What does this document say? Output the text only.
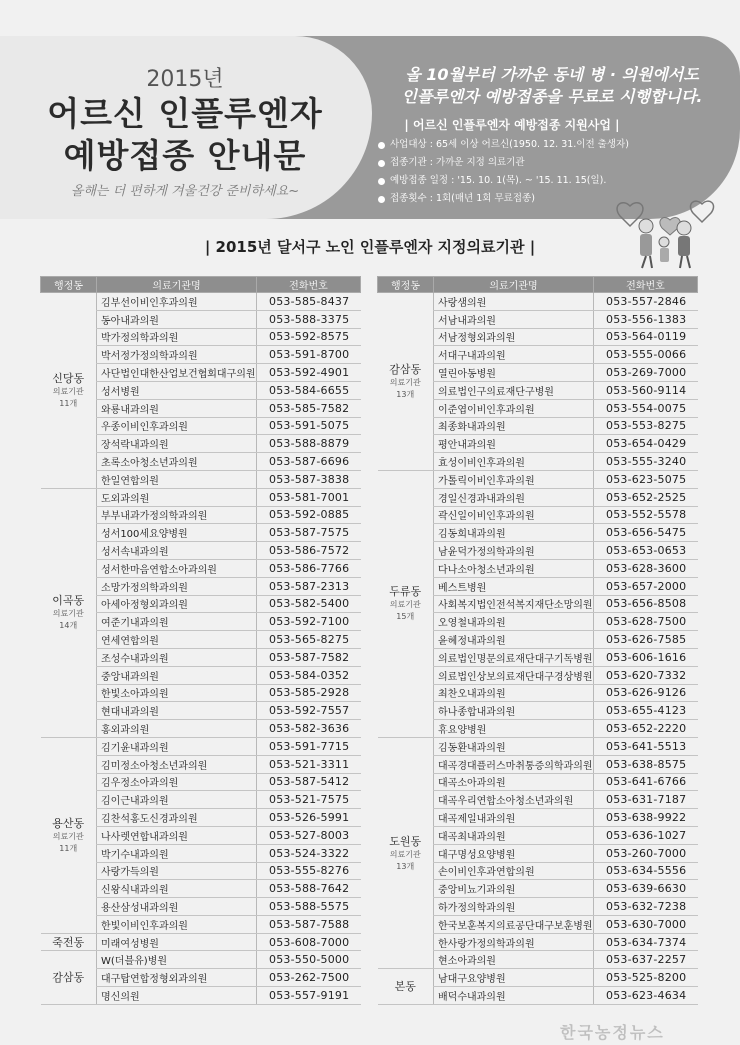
2015년
어르신 인플루엔자
예방접종 안내문
올해는 더 편하게 겨울건강 준비하세요~
올 10월부터 가까운 동네 병 · 의원에서도
인플루엔자 예방접종을 무료로 시행합니다.
| 어르신 인플루엔자 예방접종 지원사업 |
사업대상 : 65세 이상 어르신(1950. 12. 31.이전 출생자)
접종기관 : 가까운 지정 의료기관
예방접종 일정 : '15. 10. 1(목). ~ '15. 11. 15(일).
접종횟수 : 1회(매년 1회 무료접종)
| 2015년 달서구 노인 인플루엔자 지정의료기관 |
행정동	의료기관명	전화번호

신당동
의료기관
11개	김부선이비인후과의원	053-585-8437
	동아내과의원	053-588-3375
	박가정의학과의원	053-592-8575
	박서정가정의학과의원	053-591-8700
	사단법인대한산업보건협회대구의원	053-592-4901
	성서병원	053-584-6655
	와룡내과의원	053-585-7582
	우종이비인후과의원	053-591-5075
	장석락내과의원	053-588-8879
	초록소아청소년과의원	053-587-6696
	한일연합의원	053-587-3838

이곡동
의료기관
14개	도외과의원	053-581-7001
	부부내과가정의학과의원	053-592-0885
	성서100세요양병원	053-587-7575
	성서속내과의원	053-586-7572
	성서한마음연합소아과의원	053-586-7766
	소망가정의학과의원	053-587-2313
	아세아정형외과의원	053-582-5400
	여준기내과의원	053-592-7100
	연세연합의원	053-565-8275
	조성수내과의원	053-587-7582
	중앙내과의원	053-584-0352
	한빛소아과의원	053-585-2928
	현대내과의원	053-592-7557
	홍외과의원	053-582-3636

용산동
의료기관
11개	김기윤내과의원	053-591-7715
	김미정소아청소년과의원	053-521-3311
	김우정소아과의원	053-587-5412
	김이근내과의원	053-521-7575
	김찬석홍도신경과의원	053-526-5991
	나사렛연합내과의원	053-527-8003
	박기수내과의원	053-524-3322
	사랑가득의원	053-555-8276
	신왕식내과의원	053-588-7642
	용산삼성내과의원	053-588-5575
	한빛이비인후과의원	053-587-7588

죽전동	미래여성병원	053-608-7000

감삼동	W(더블유)병원	053-550-5000
	대구탑연합정형외과의원	053-262-7500
	명신의원	053-557-9191
행정동	의료기관명	전화번호

감삼동
의료기관
13개	사랑샘의원	053-557-2846
	서남내과의원	053-556-1383
	서남정형외과의원	053-564-0119
	서대구내과의원	053-555-0066
	열린아동병원	053-269-7000
	의료법인구의료재단구병원	053-560-9114
	이준엽이비인후과의원	053-554-0075
	최종화내과의원	053-553-8275
	평안내과의원	053-654-0429
	효성이비인후과의원	053-555-3240

두류동
의료기관
15개	가톨릭이비인후과의원	053-623-5075
	경일신경과내과의원	053-652-2525
	곽신일이비인후과의원	053-552-5578
	김동희내과의원	053-656-5475
	남윤덕가정의학과의원	053-653-0653
	다나소아청소년과의원	053-628-3600
	베스트병원	053-657-2000
	사회복지법인전석복지재단소망의원	053-656-8508
	오영철내과의원	053-628-7500
	윤혜정내과의원	053-626-7585
	의료법인명문의료재단대구기독병원	053-606-1616
	의료법인상보의료재단대구경상병원	053-620-7332
	최찬오내과의원	053-626-9126
	하나종합내과의원	053-655-4123
	휴요양병원	053-652-2220

도원동
의료기관
13개	김동환내과의원	053-641-5513
	대곡경대플러스마취통증의학과의원	053-638-8575
	대곡소아과의원	053-641-6766
	대곡우리연합소아청소년과의원	053-631-7187
	대곡제일내과의원	053-638-9922
	대곡최내과의원	053-636-1027
	대구명성요양병원	053-260-7000
	손이비인후과연합의원	053-634-5556
	중앙비뇨기과의원	053-639-6630
	하가정의학과의원	053-632-7238
	한국보훈복지의료공단대구보훈병원	053-630-7000
	한사랑가정의학과의원	053-634-7374
	현소아과의원	053-637-2257

본동	남대구요양병원	053-525-8200
	배덕수내과의원	053-623-4634
한국농정뉴스
